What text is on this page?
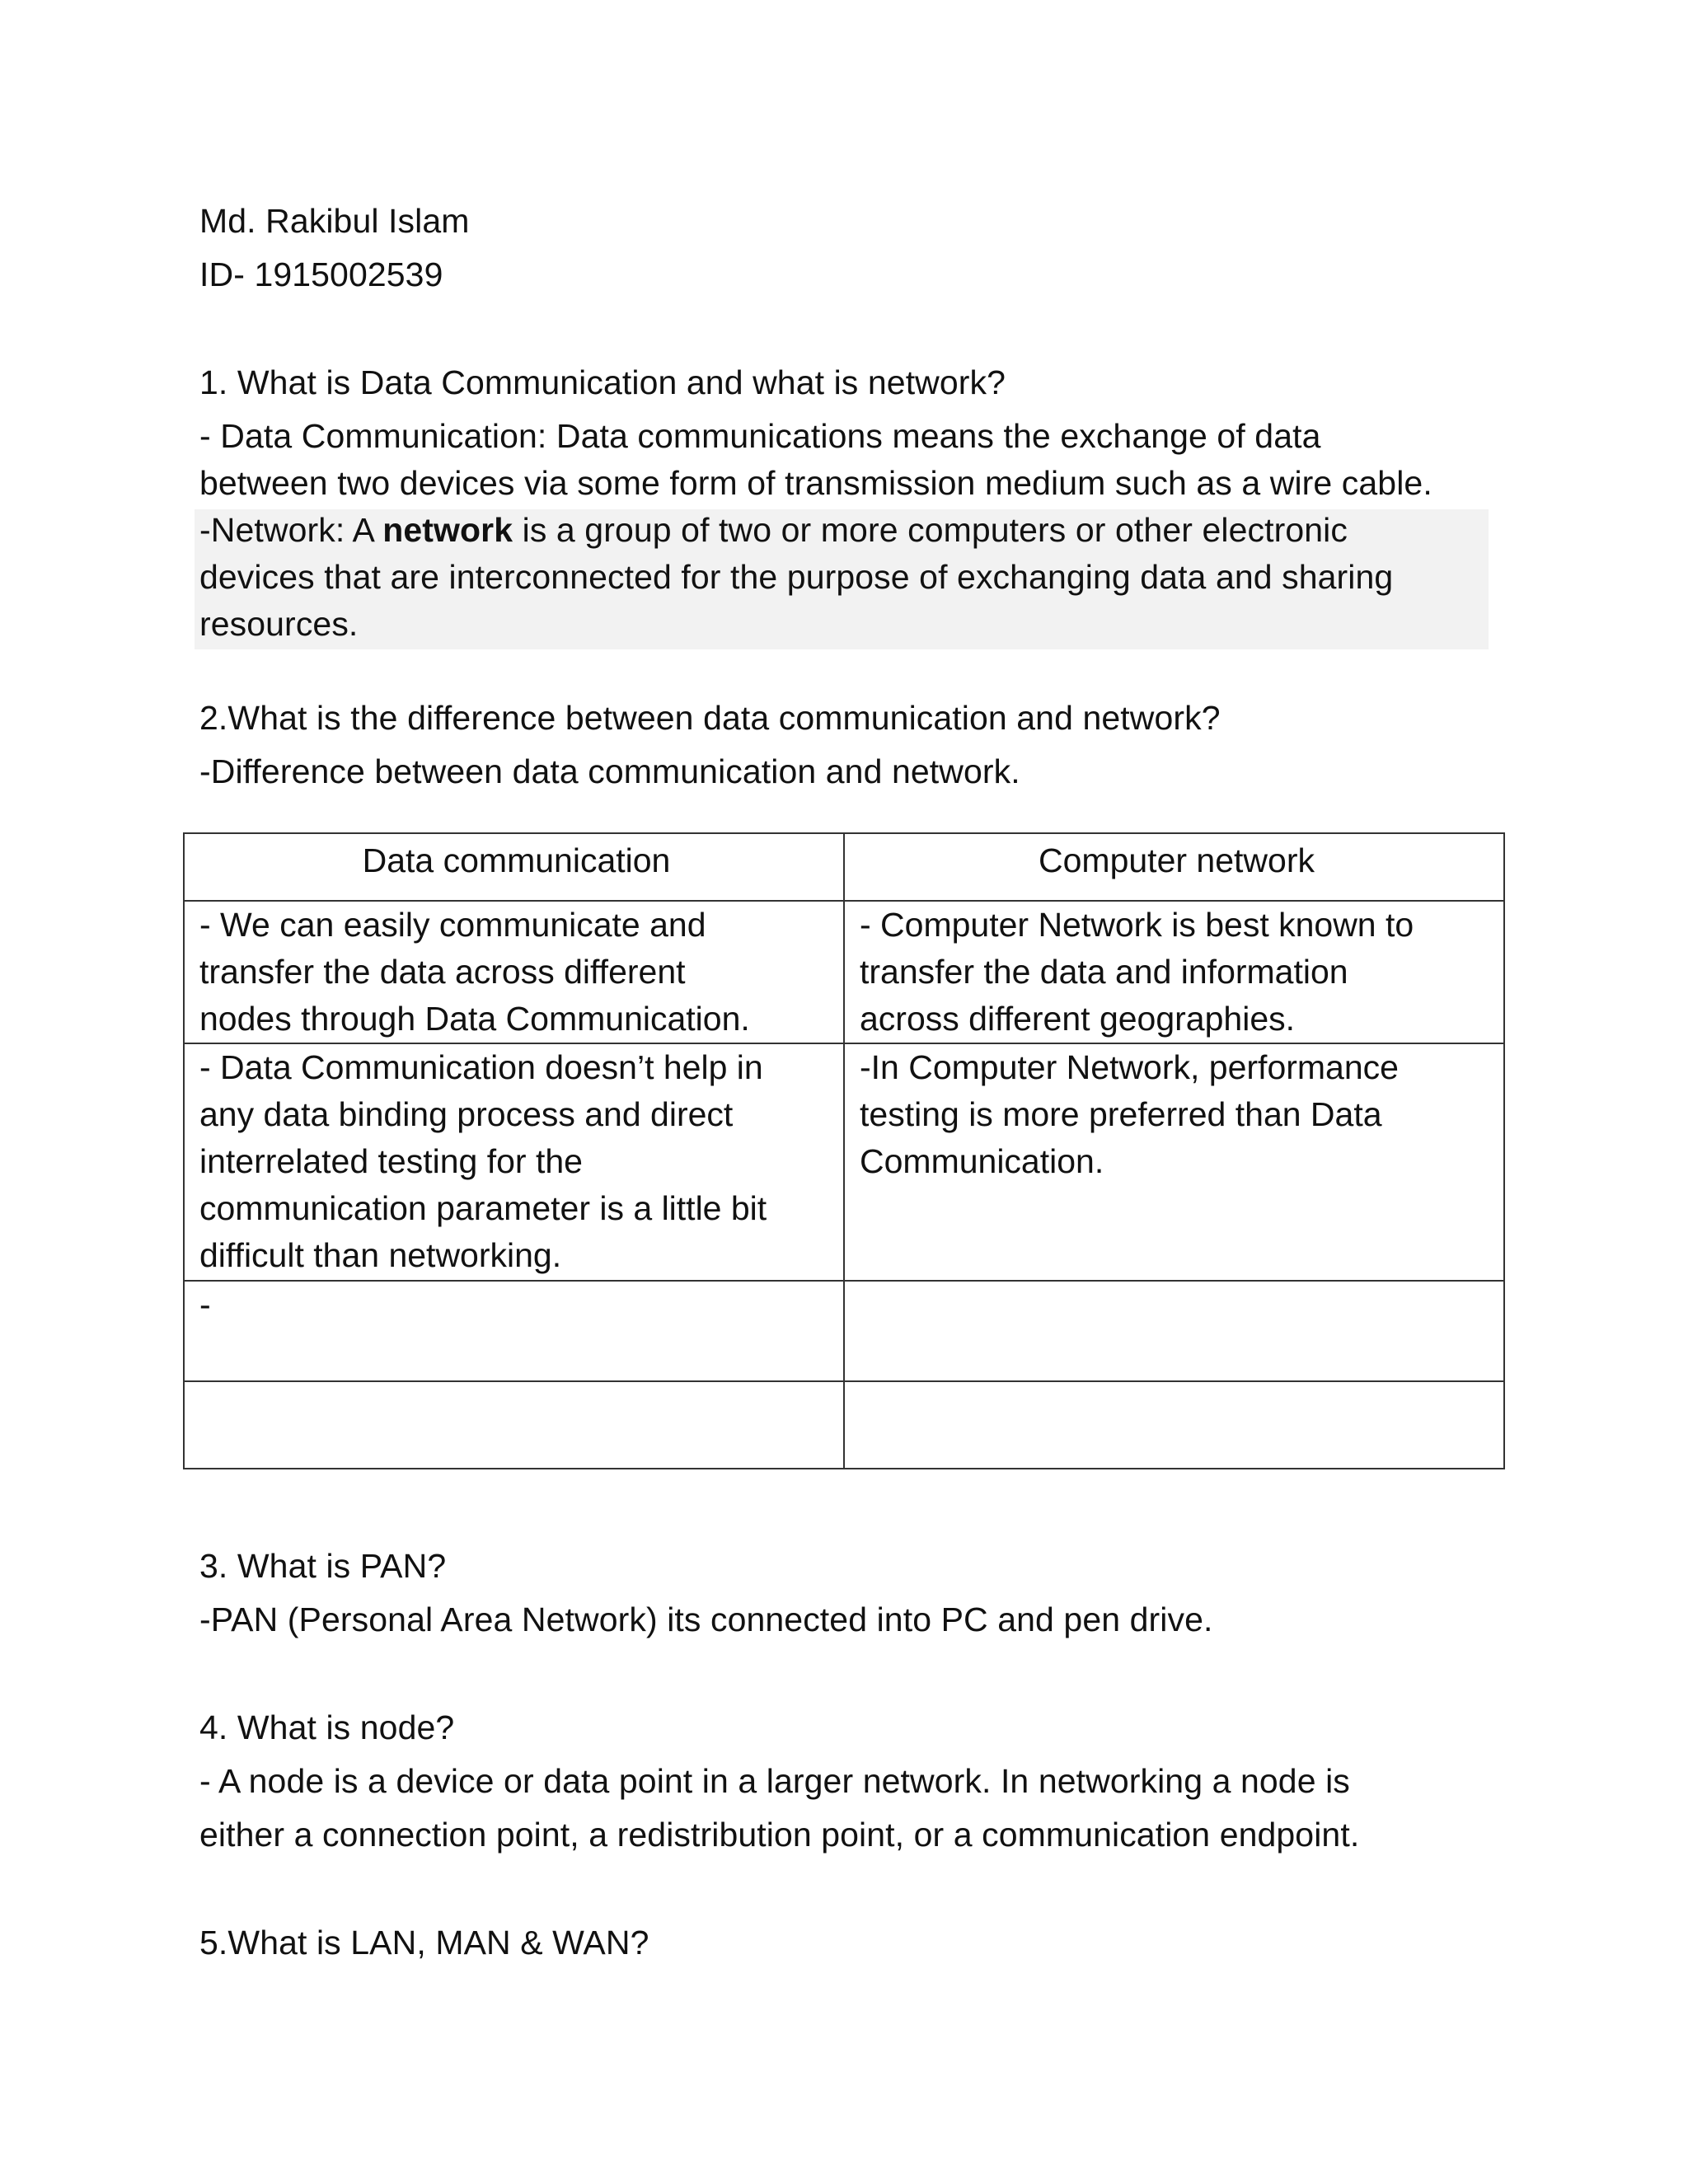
Md. Rakibul Islam
ID- 1915002539
1. What is Data Communication and what is network?
- Data Communication: Data communications means the exchange of data
between two devices via some form of transmission medium such as a wire cable.
-Network: A network is a group of two or more computers or other electronic
devices that are interconnected for the purpose of exchanging data and sharing
resources.
2.What is the difference between data communication and network?
-Difference between data communication and network.
Data communication	Computer network

- We can easily communicate and
transfer the data across different
nodes through Data Communication.	- Computer Network is best known to
transfer the data and information
across different geographies.

- Data Communication doesn’t help in
any data binding process and direct
interrelated testing for the
communication parameter is a little bit
difficult than networking.	-In Computer Network, performance
testing is more preferred than Data
Communication.

-	

3. What is PAN?
-PAN (Personal Area Network) its connected into PC and pen drive.
4. What is node?
- A node is a device or data point in a larger network. In networking a node is
either a connection point, a redistribution point, or a communication endpoint.
5.What is LAN, MAN & WAN?
